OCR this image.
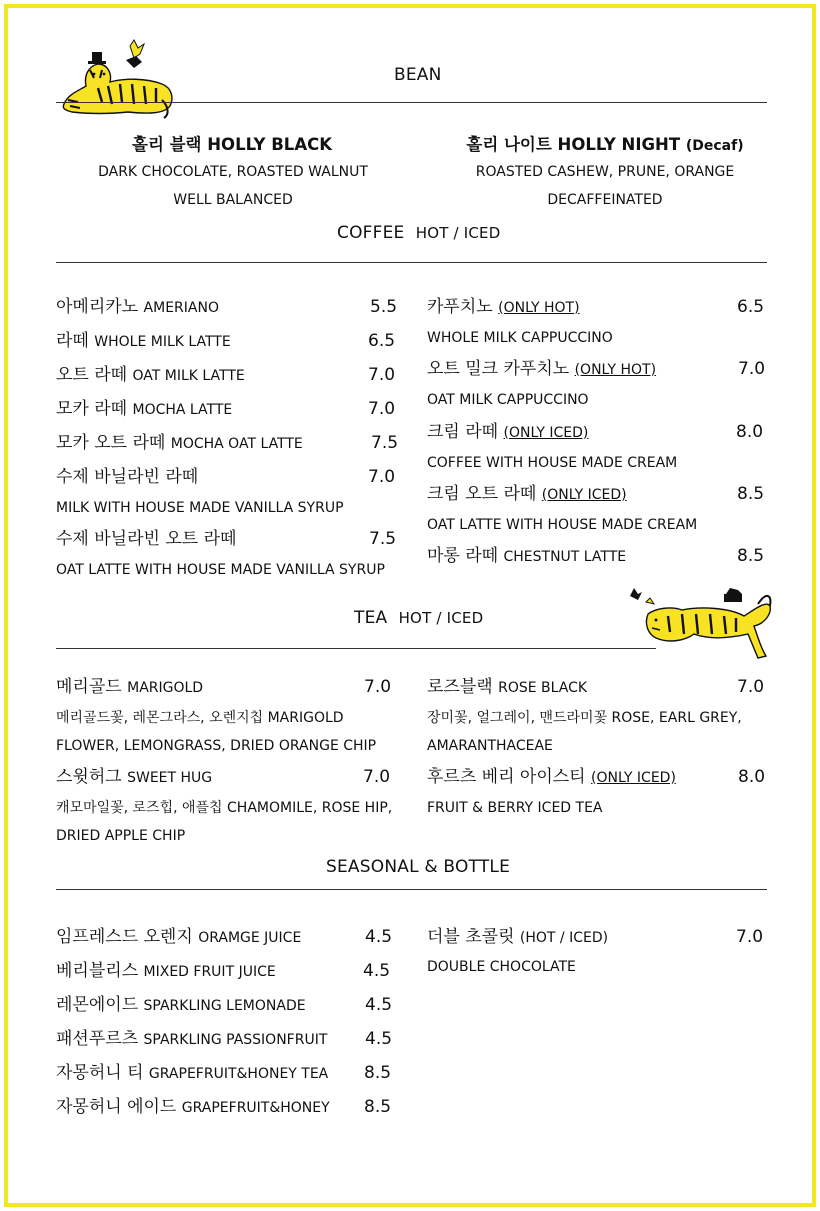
BEAN
홀리 블랙 HOLLY BLACK
DARK CHOCOLATE, ROASTED WALNUT
WELL BALANCED
홀리 나이트 HOLLY NIGHT (Decaf)
ROASTED CASHEW, PRUNE, ORANGE
DECAFFEINATED
COFFEE HOT / ICED
아메리카노 AMERIANO	5.5
라떼 WHOLE MILK LATTE	6.5
오트 라떼 OAT MILK LATTE	7.0
모카 라떼 MOCHA LATTE	7.0
모카 오트 라떼 MOCHA OAT LATTE	7.5
수제 바닐라빈 라떼	7.0
MILK WITH HOUSE MADE VANILLA SYRUP
수제 바닐라빈 오트 라떼	7.5
OAT LATTE WITH HOUSE MADE VANILLA SYRUP
카푸치노 (ONLY HOT)	6.5
WHOLE MILK CAPPUCCINO
오트 밀크 카푸치노 (ONLY HOT)	7.0
OAT MILK CAPPUCCINO
크림 라떼 (ONLY ICED)	8.0
COFFEE WITH HOUSE MADE CREAM
크림 오트 라떼 (ONLY ICED)	8.5
OAT LATTE WITH HOUSE MADE CREAM
마롱 라떼 CHESTNUT LATTE	8.5
TEA HOT / ICED
메리골드 MARIGOLD	7.0
메리골드꽃, 레몬그라스, 오렌지칩 MARIGOLD
FLOWER, LEMONGRASS, DRIED ORANGE CHIP
스윗허그 SWEET HUG	7.0
캐모마일꽃, 로즈힙, 애플칩 CHAMOMILE, ROSE HIP,
DRIED APPLE CHIP
로즈블랙 ROSE BLACK	7.0
장미꽃, 얼그레이, 맨드라미꽃 ROSE, EARL GREY,
AMARANTHACEAE
후르츠 베리 아이스티 (ONLY ICED)	8.0
FRUIT & BERRY ICED TEA
SEASONAL & BOTTLE
임프레스드 오렌지 ORAMGE JUICE	4.5
베리블리스 MIXED FRUIT JUICE	4.5
레몬에이드 SPARKLING LEMONADE	4.5
패션푸르츠 SPARKLING PASSIONFRUIT 4.5
자몽허니 티 GRAPEFRUIT&HONEY TEA 8.5
자몽허니 에이드 GRAPEFRUIT&HONEY 8.5
더블 초콜릿 (HOT / ICED)	7.0
DOUBLE CHOCOLATE
